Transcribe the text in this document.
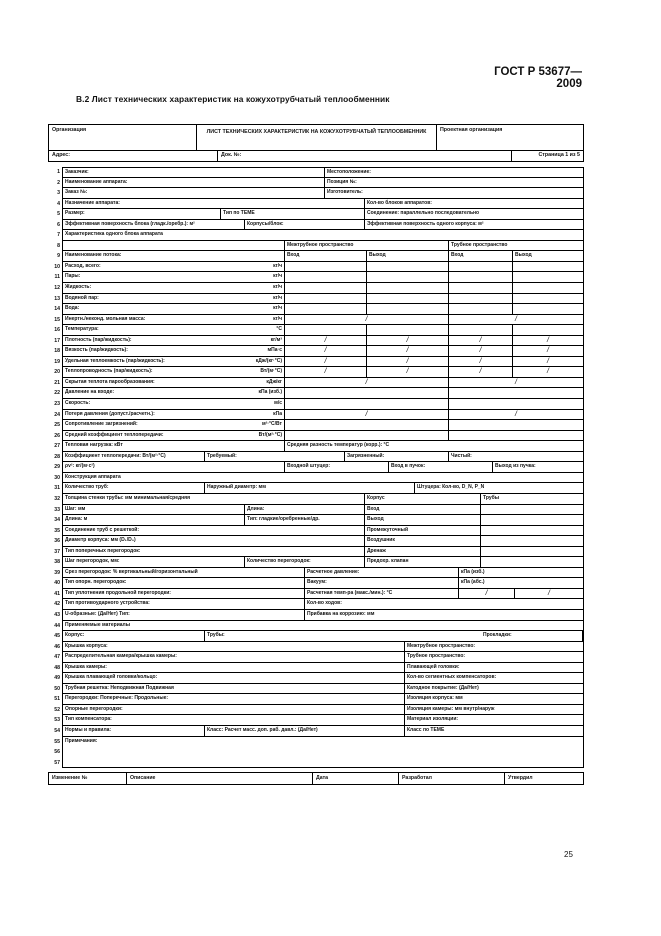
ГОСТ Р 53677—2009
В.2 Лист технических характеристик на кожухотрубчатый теплообменник
Организация	ЛИСТ ТЕХНИЧЕСКИХ ХАРАКТЕРИСТИК НА КОЖУХОТРУБЧАТЫЙ ТЕПЛООБМЕННИК	Проектная организация
Адрес:	Док. №:	Страница 1 из 5
1	Заказчик:	Местоположение:
2	Наименование аппарата:	Позиция №:
3	Заказ №:	Изготовитель:
4	Назначение аппарата:	Кол-во блоков аппаратов:
5	Размер:	Тип по ТЕМЕ	Соединение: параллельно последовательно
6	Эффективная поверхность блока (гладк./оребр.): м²	Корпусы/блок:	Эффективная поверхность одного корпуса: м²
7	Характеристика одного блока аппарата
8	Межтрубное пространство	Трубное пространство
9	Наименование потока:	Вход	Выход	Вход	Выход
10	Расход, всего:	кг/ч
11	Пары:	кг/ч
12	Жидкость:	кг/ч
13	Водяной пар:	кг/ч
14	Вода:	кг/ч
15	Инертн./неконд. мольная масса:	кг/ч	/	/
16	Температура:	°С
17	Плотность (пар/жидкость):	кг/м³	/	/	/	/
18	Вязкость (пар/жидкость):	мПа·с	/	/	/	/
19	Удельная теплоемкость (пар/жидкость):	кДж/(кг·°С)	/	/	/	/
20	Теплопроводность (пар/жидкость):	Вт/(м·°С)	/	/	/	/
21	Скрытая теплота парообразования:	кДж/кг	/	/
22	Давление на входе:	кПа (изб.)
23	Скорость:	м/с
24	Потеря давления (допуст./расчетн.):	кПа	/	/
25	Сопротивление загрязнений:	м²·°С/Вт
26	Средний коэффициент теплопередачи:	Вт/(м²·°С)
27	Тепловая нагрузка: кВт	Средняя разность температур (корр.): °С
28	Коэффициент теплопередачи: Вт/(м²·°С)	Требуемый:	Загрязненный:	Чистый:
29	ρv²: кг/(м·с²)	Входной штуцер:	Вход в пучок:	Выход из пучка:
30	Конструкция аппарата
31	Количество труб:	Наружный диаметр: мм	Штуцера: Кол-во, D_N, P_N
32	Толщина стенки трубы: мм минимальная/средняя	Корпус	Трубы
33	Шаг: мм	Длина:	Вход
34	Длина: м	Тип: гладкие/оребренные/др.	Выход
35	Соединение труб с решеткой:	Промежуточный
36	Диаметр корпуса: мм (D₁/D₀)	Воздушник
37	Тип поперечных перегородок:	Дренаж
38	Шаг перегородок, мм:	Количество перегородок:	Предохр. клапан
39	Срез перегородок: % вертикальный/горизонтальный	Расчетное давление:	кПа (изб.)
40	Тип опорн. перегородок:	Вакуум:	кПа (абс.)
41	Тип уплотнения продольной перегородки:	Расчетная темп-ра (макс./мин.): °С	/	/
42	Тип противоударного устройства:	Кол-во ходов:
43	U-образные: (Да/Нет) Тип:	Прибавка на коррозию: мм
44	Применяемые материалы
45	Корпус:	Трубы:	Прокладки:
46	Крышка корпуса:	Межтрубное пространство:
47	Распределительная камера/крышка камеры:	Трубное пространство:
48	Крышка камеры:	Плавающей головки:
49	Крышка плавающей головки/кольцо:	Кол-во сегментных компенсаторов:
50	Трубная решетка: Неподвижная Подвижная	Катодное покрытие: (Да/Нет)
51	Перегородки: Поперечные: Продольные:	Изоляция корпуса: мм
52	Опорные перегородки:	Изоляция камеры: мм внутр/наруж
53	Тип компенсатора:	Материал изоляции:
54	Нормы и правила:	Класс: Расчет масс. доп. раб. давл.: (Да/Нет)	Класс по ТЕМЕ
55	Примечания:
56
57
Изменение №	Описание	Дата	Разработал	Утвердил
25
